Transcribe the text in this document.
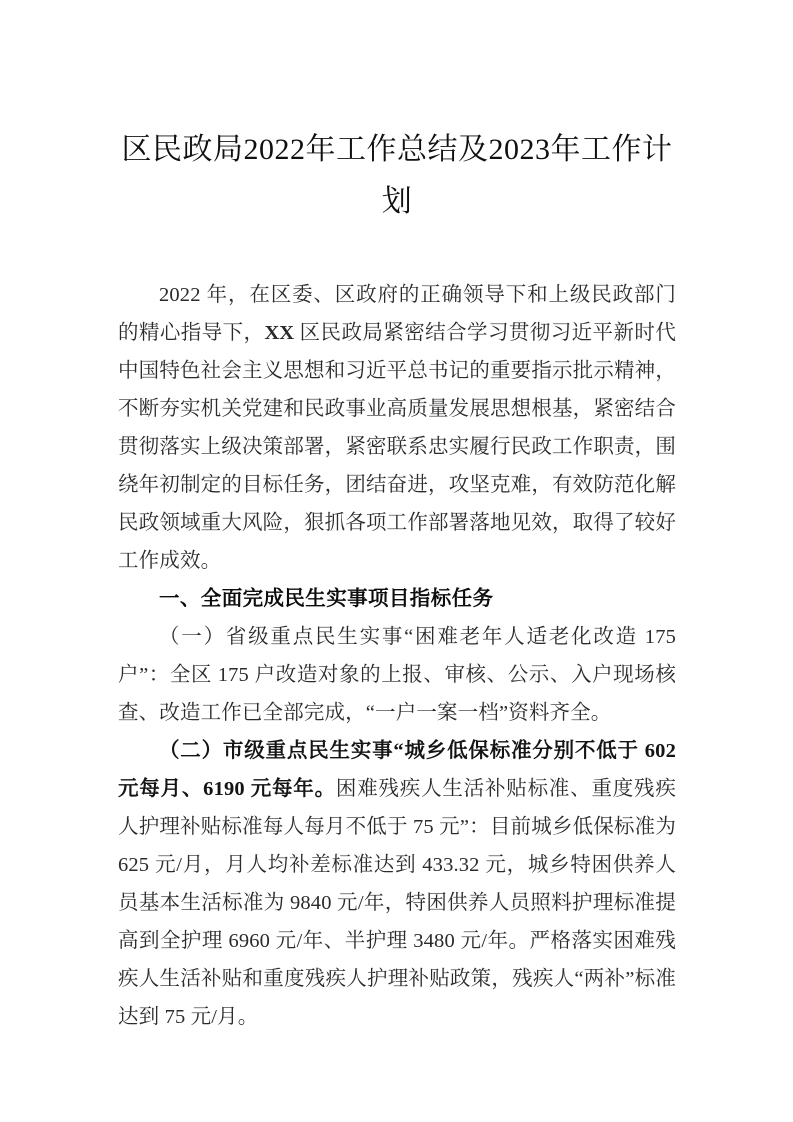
区民政局2022年工作总结及2023年工作计
划

2022 年，在区委、区政府的正确领导下和上级民政部门的精心指导下，XX 区民政局紧密结合学习贯彻习近平新时代中国特色社会主义思想和习近平总书记的重要指示批示精神，不断夯实机关党建和民政事业高质量发展思想根基，紧密结合贯彻落实上级决策部署，紧密联系忠实履行民政工作职责，围绕年初制定的目标任务，团结奋进，攻坚克难，有效防范化解民政领域重大风险，狠抓各项工作部署落地见效，取得了较好工作成效。

一、全面完成民生实事项目指标任务

（一）省级重点民生实事“困难老年人适老化改造 175 户”：全区 175 户改造对象的上报、审核、公示、入户现场核查、改造工作已全部完成，“一户一案一档”资料齐全。

（二）市级重点民生实事“城乡低保标准分别不低于 602 元每月、6190 元每年。困难残疾人生活补贴标准、重度残疾人护理补贴标准每人每月不低于 75 元”：目前城乡低保标准为 625 元/月，月人均补差标准达到 433.32 元，城乡特困供养人员基本生活标准为 9840 元/年，特困供养人员照料护理标准提高到全护理 6960 元/年、半护理 3480 元/年。严格落实困难残疾人生活补贴和重度残疾人护理补贴政策，残疾人“两补”标准达到 75 元/月。
